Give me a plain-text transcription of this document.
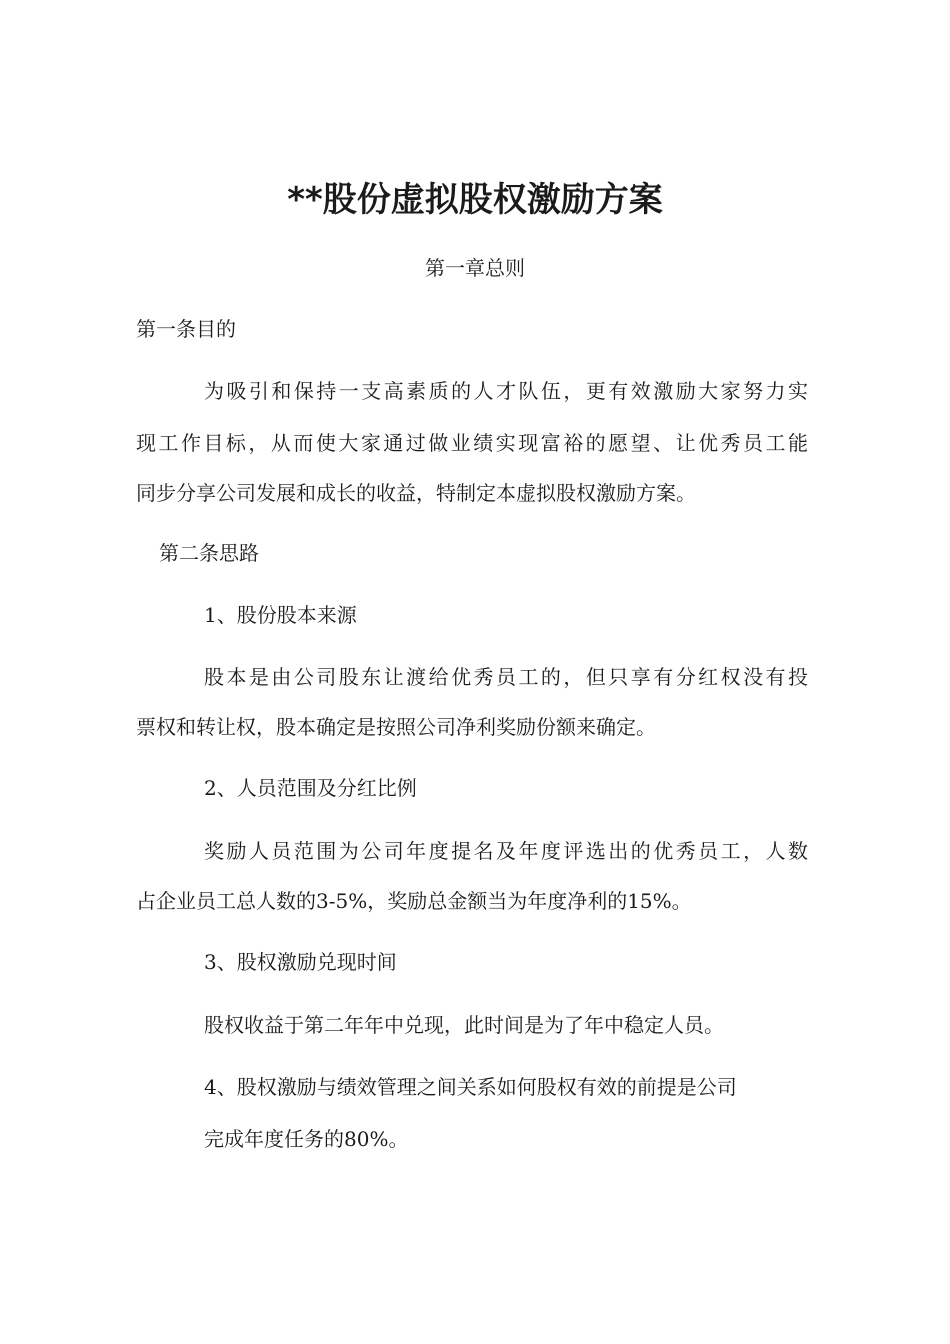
**股份虚拟股权激励方案
第一章总则
第一条目的
为吸引和保持一支高素质的人才队伍，更有效激励大家努力实
现工作目标，从而使大家通过做业绩实现富裕的愿望、让优秀员工能
同步分享公司发展和成长的收益，特制定本虚拟股权激励方案。
第二条思路
1、股份股本来源
股本是由公司股东让渡给优秀员工的，但只享有分红权没有投
票权和转让权，股本确定是按照公司净利奖励份额来确定。
2、人员范围及分红比例
奖励人员范围为公司年度提名及年度评选出的优秀员工，人数
占企业员工总人数的3-5%，奖励总金额当为年度净利的15%。
3、股权激励兑现时间
股权收益于第二年年中兑现，此时间是为了年中稳定人员。
4、股权激励与绩效管理之间关系如何股权有效的前提是公司
完成年度任务的80%。
